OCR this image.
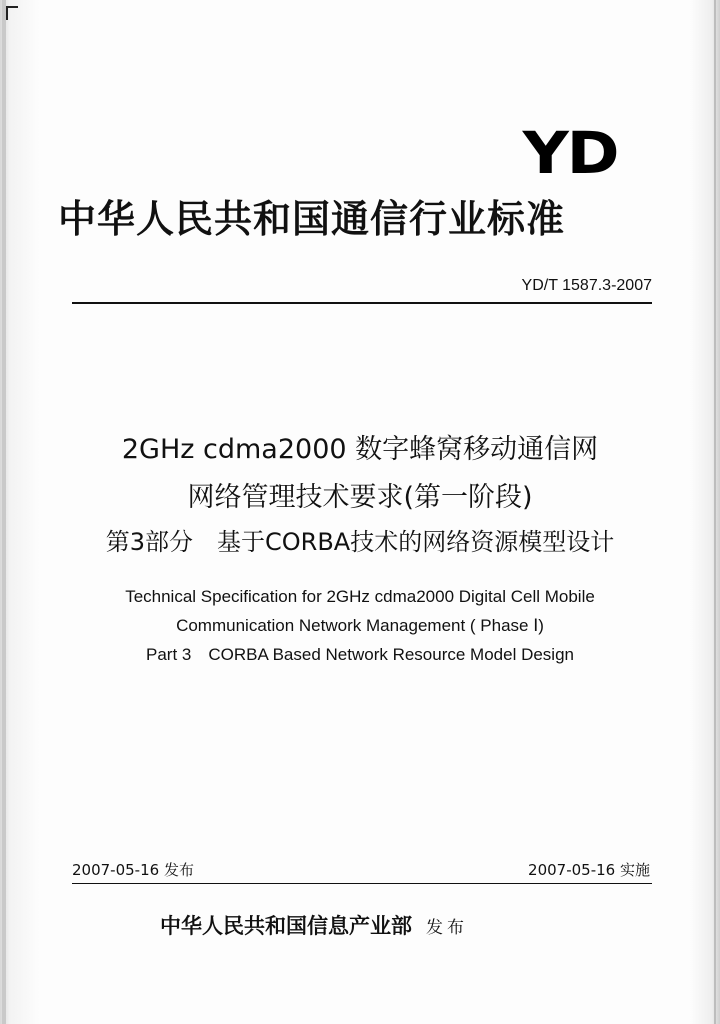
YD
中华人民共和国通信行业标准
YD/T 1587.3-2007

2GHz cdma2000 数字蜂窝移动通信网

网络管理技术要求(第一阶段)

第3部分　基于CORBA技术的网络资源模型设计

Technical Specification for 2GHz cdma2000 Digital Cell Mobile
Communication Network Management ( Phase Ⅰ)
Part 3　CORBA Based Network Resource Model Design
2007-05-16 发布	2007-05-16 实施
中华人民共和国信息产业部 发布
